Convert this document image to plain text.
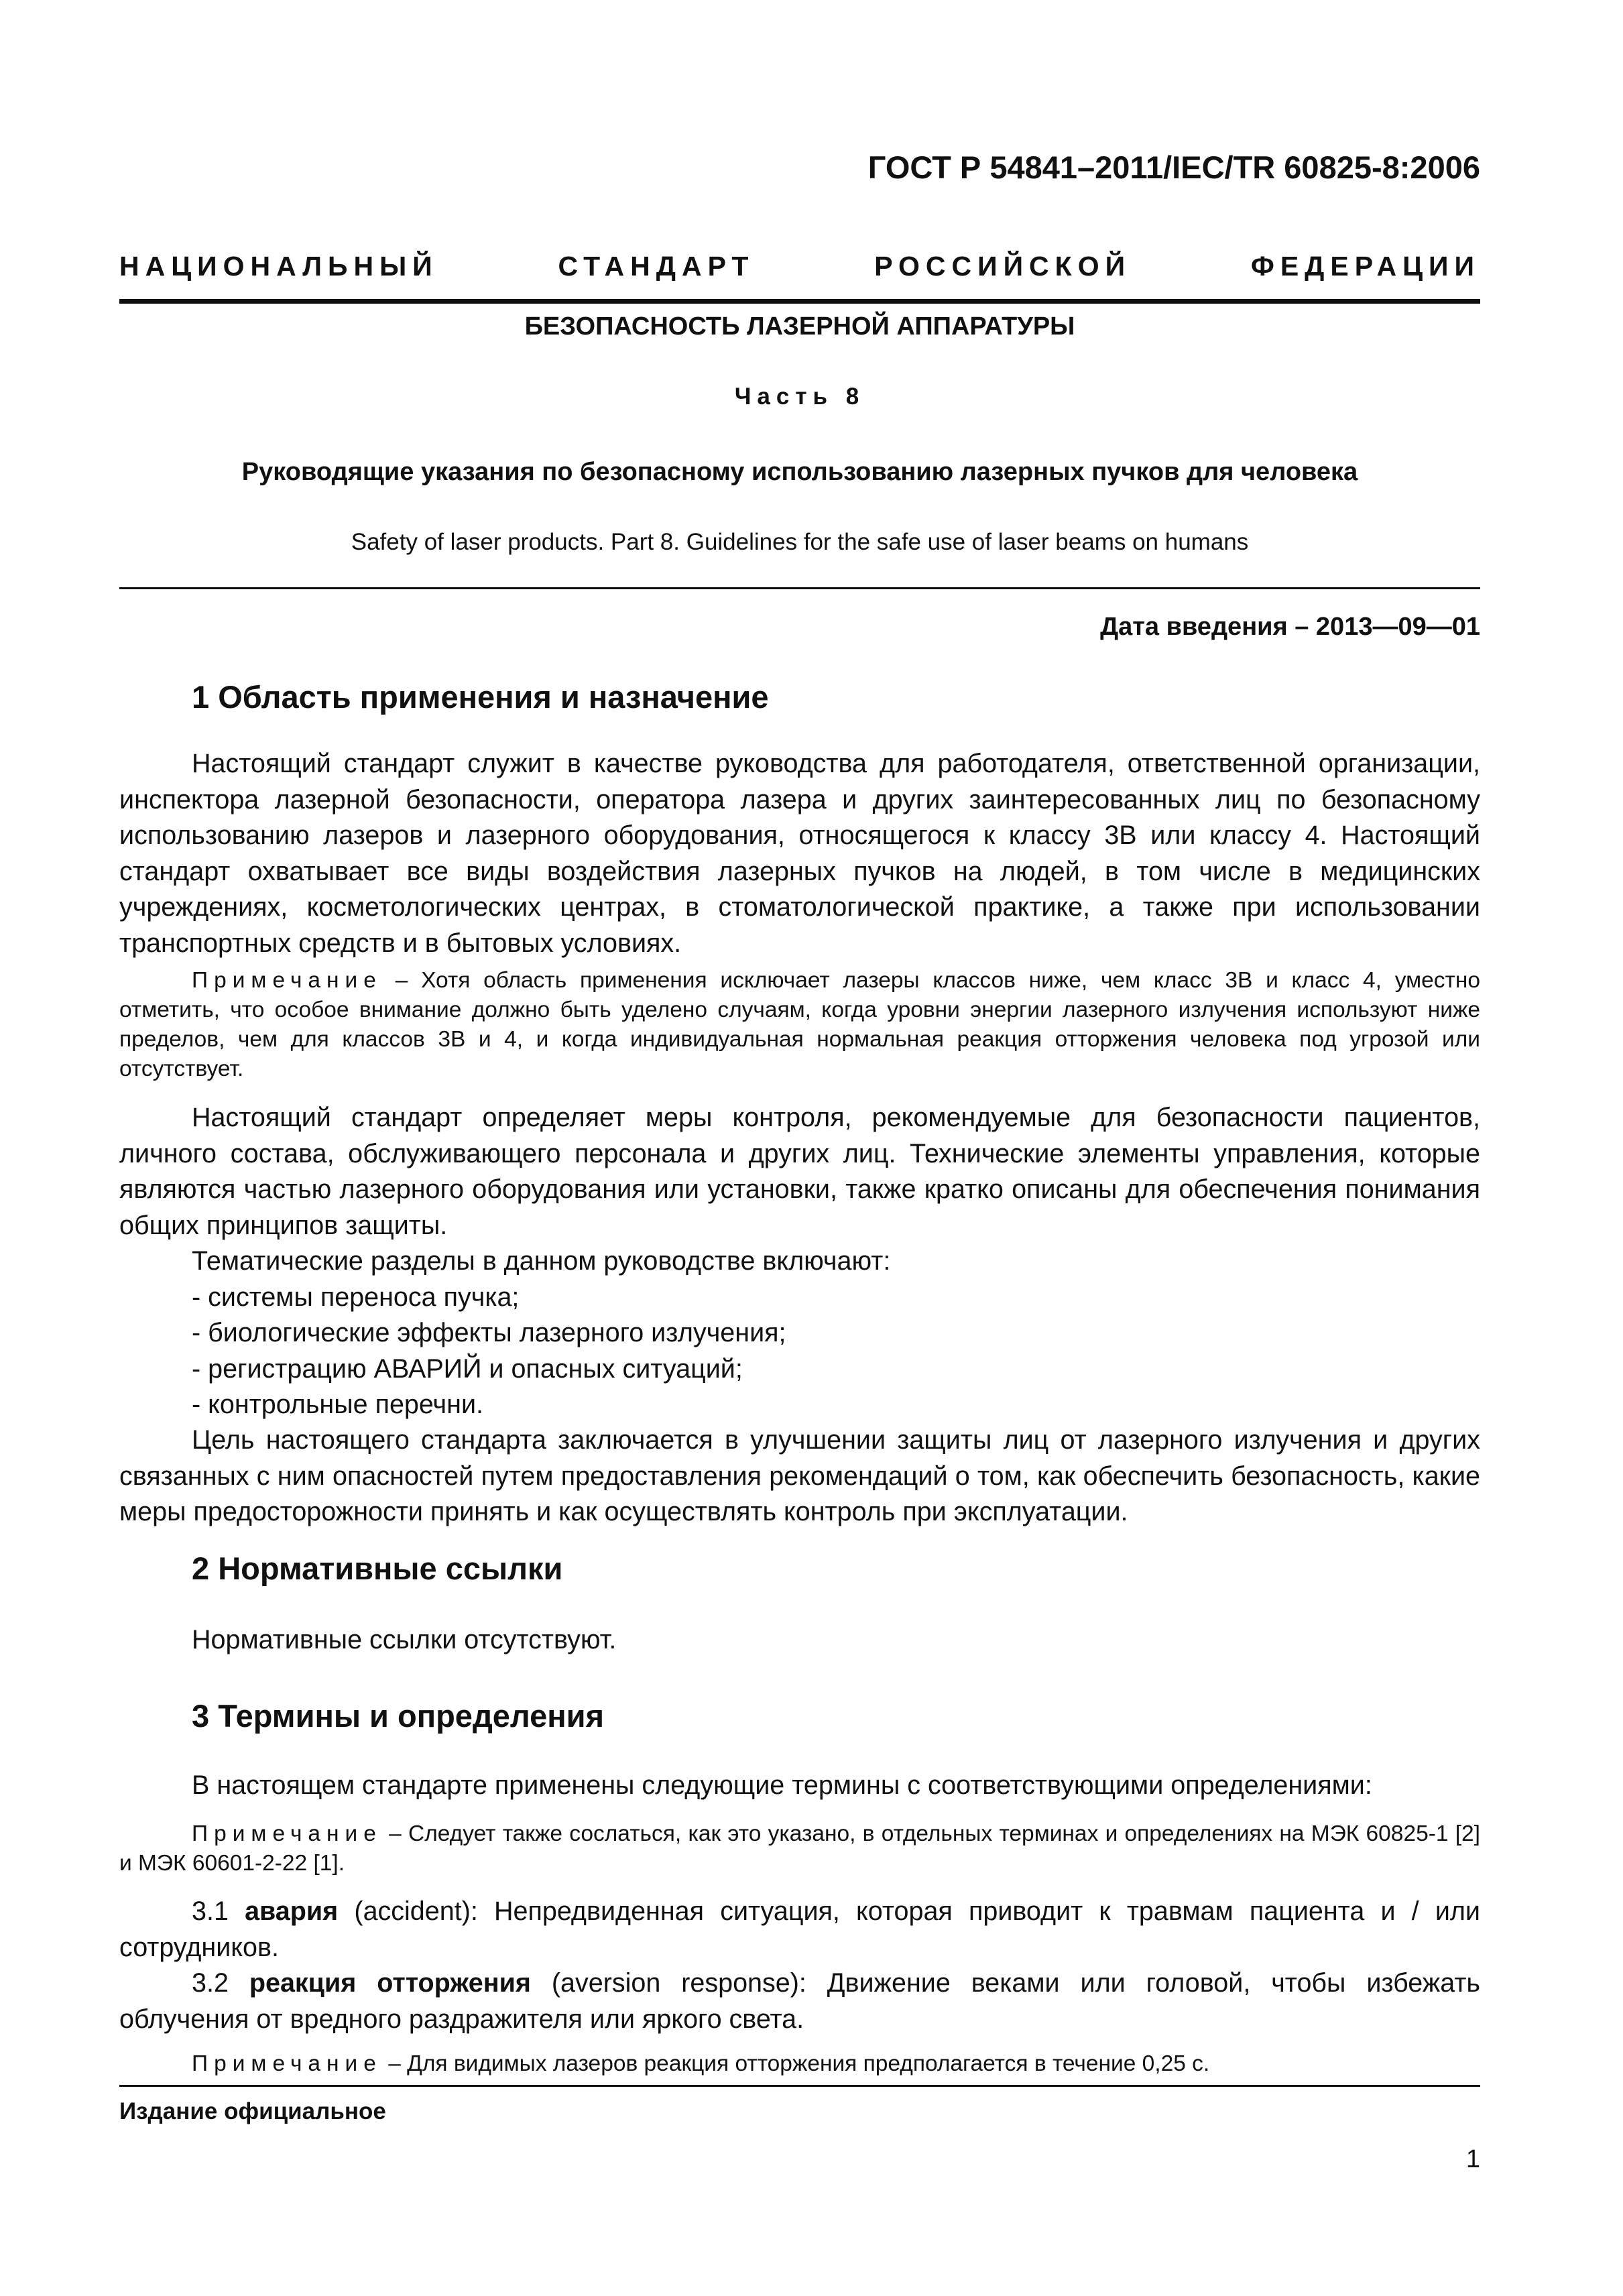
ГОСТ Р 54841–2011/IEC/TR 60825-8:2006
НАЦИОНАЛЬНЫЙ	СТАНДАРТ	РОССИЙСКОЙ	ФЕДЕРАЦИИ
БЕЗОПАСНОСТЬ ЛАЗЕРНОЙ АППАРАТУРЫ
Часть 8
Руководящие указания по безопасному использованию лазерных пучков для человека
Safety of laser products. Part 8. Guidelines for the safe use of laser beams on humans
Дата введения – 2013—09—01
1 Область применения и назначение
Настоящий стандарт служит в качестве руководства для работодателя, ответственной организации, инспектора лазерной безопасности, оператора лазера и других заинтересованных лиц по безопасному использованию лазеров и лазерного оборудования, относящегося к классу 3В или классу 4. Настоящий стандарт охватывает все виды воздействия лазерных пучков на людей, в том числе в медицинских учреждениях, косметологических центрах, в стоматологической практике, а также при использовании транспортных средств и в бытовых условиях.
Примечание – Хотя область применения исключает лазеры классов ниже, чем класс 3В и класс 4, уместно отметить, что особое внимание должно быть уделено случаям, когда уровни энергии лазерного излучения используют ниже пределов, чем для классов 3В и 4, и когда индивидуальная нормальная реакция отторжения человека под угрозой или отсутствует.
Настоящий стандарт определяет меры контроля, рекомендуемые для безопасности пациентов, личного состава, обслуживающего персонала и других лиц. Технические элементы управления, которые являются частью лазерного оборудования или установки, также кратко описаны для обеспечения понимания общих принципов защиты.
Тематические разделы в данном руководстве включают:
- системы переноса пучка;
- биологические эффекты лазерного излучения;
- регистрацию АВАРИЙ и опасных ситуаций;
- контрольные перечни.
Цель настоящего стандарта заключается в улучшении защиты лиц от лазерного излучения и других связанных с ним опасностей путем предоставления рекомендаций о том, как обеспечить безопасность, какие меры предосторожности принять и как осуществлять контроль при эксплуатации.
2 Нормативные ссылки
Нормативные ссылки отсутствуют.
3 Термины и определения
В настоящем стандарте применены следующие термины с соответствующими определениями:
Примечание – Следует также сослаться, как это указано, в отдельных терминах и определениях на МЭК 60825-1 [2] и МЭК 60601-2-22 [1].
3.1 авария (accident): Непредвиденная ситуация, которая приводит к травмам пациента и / или сотрудников.
3.2 реакция отторжения (aversion response): Движение веками или головой, чтобы избежать облучения от вредного раздражителя или яркого света.
Примечание – Для видимых лазеров реакция отторжения предполагается в течение 0,25 с.
Издание официальное
1
